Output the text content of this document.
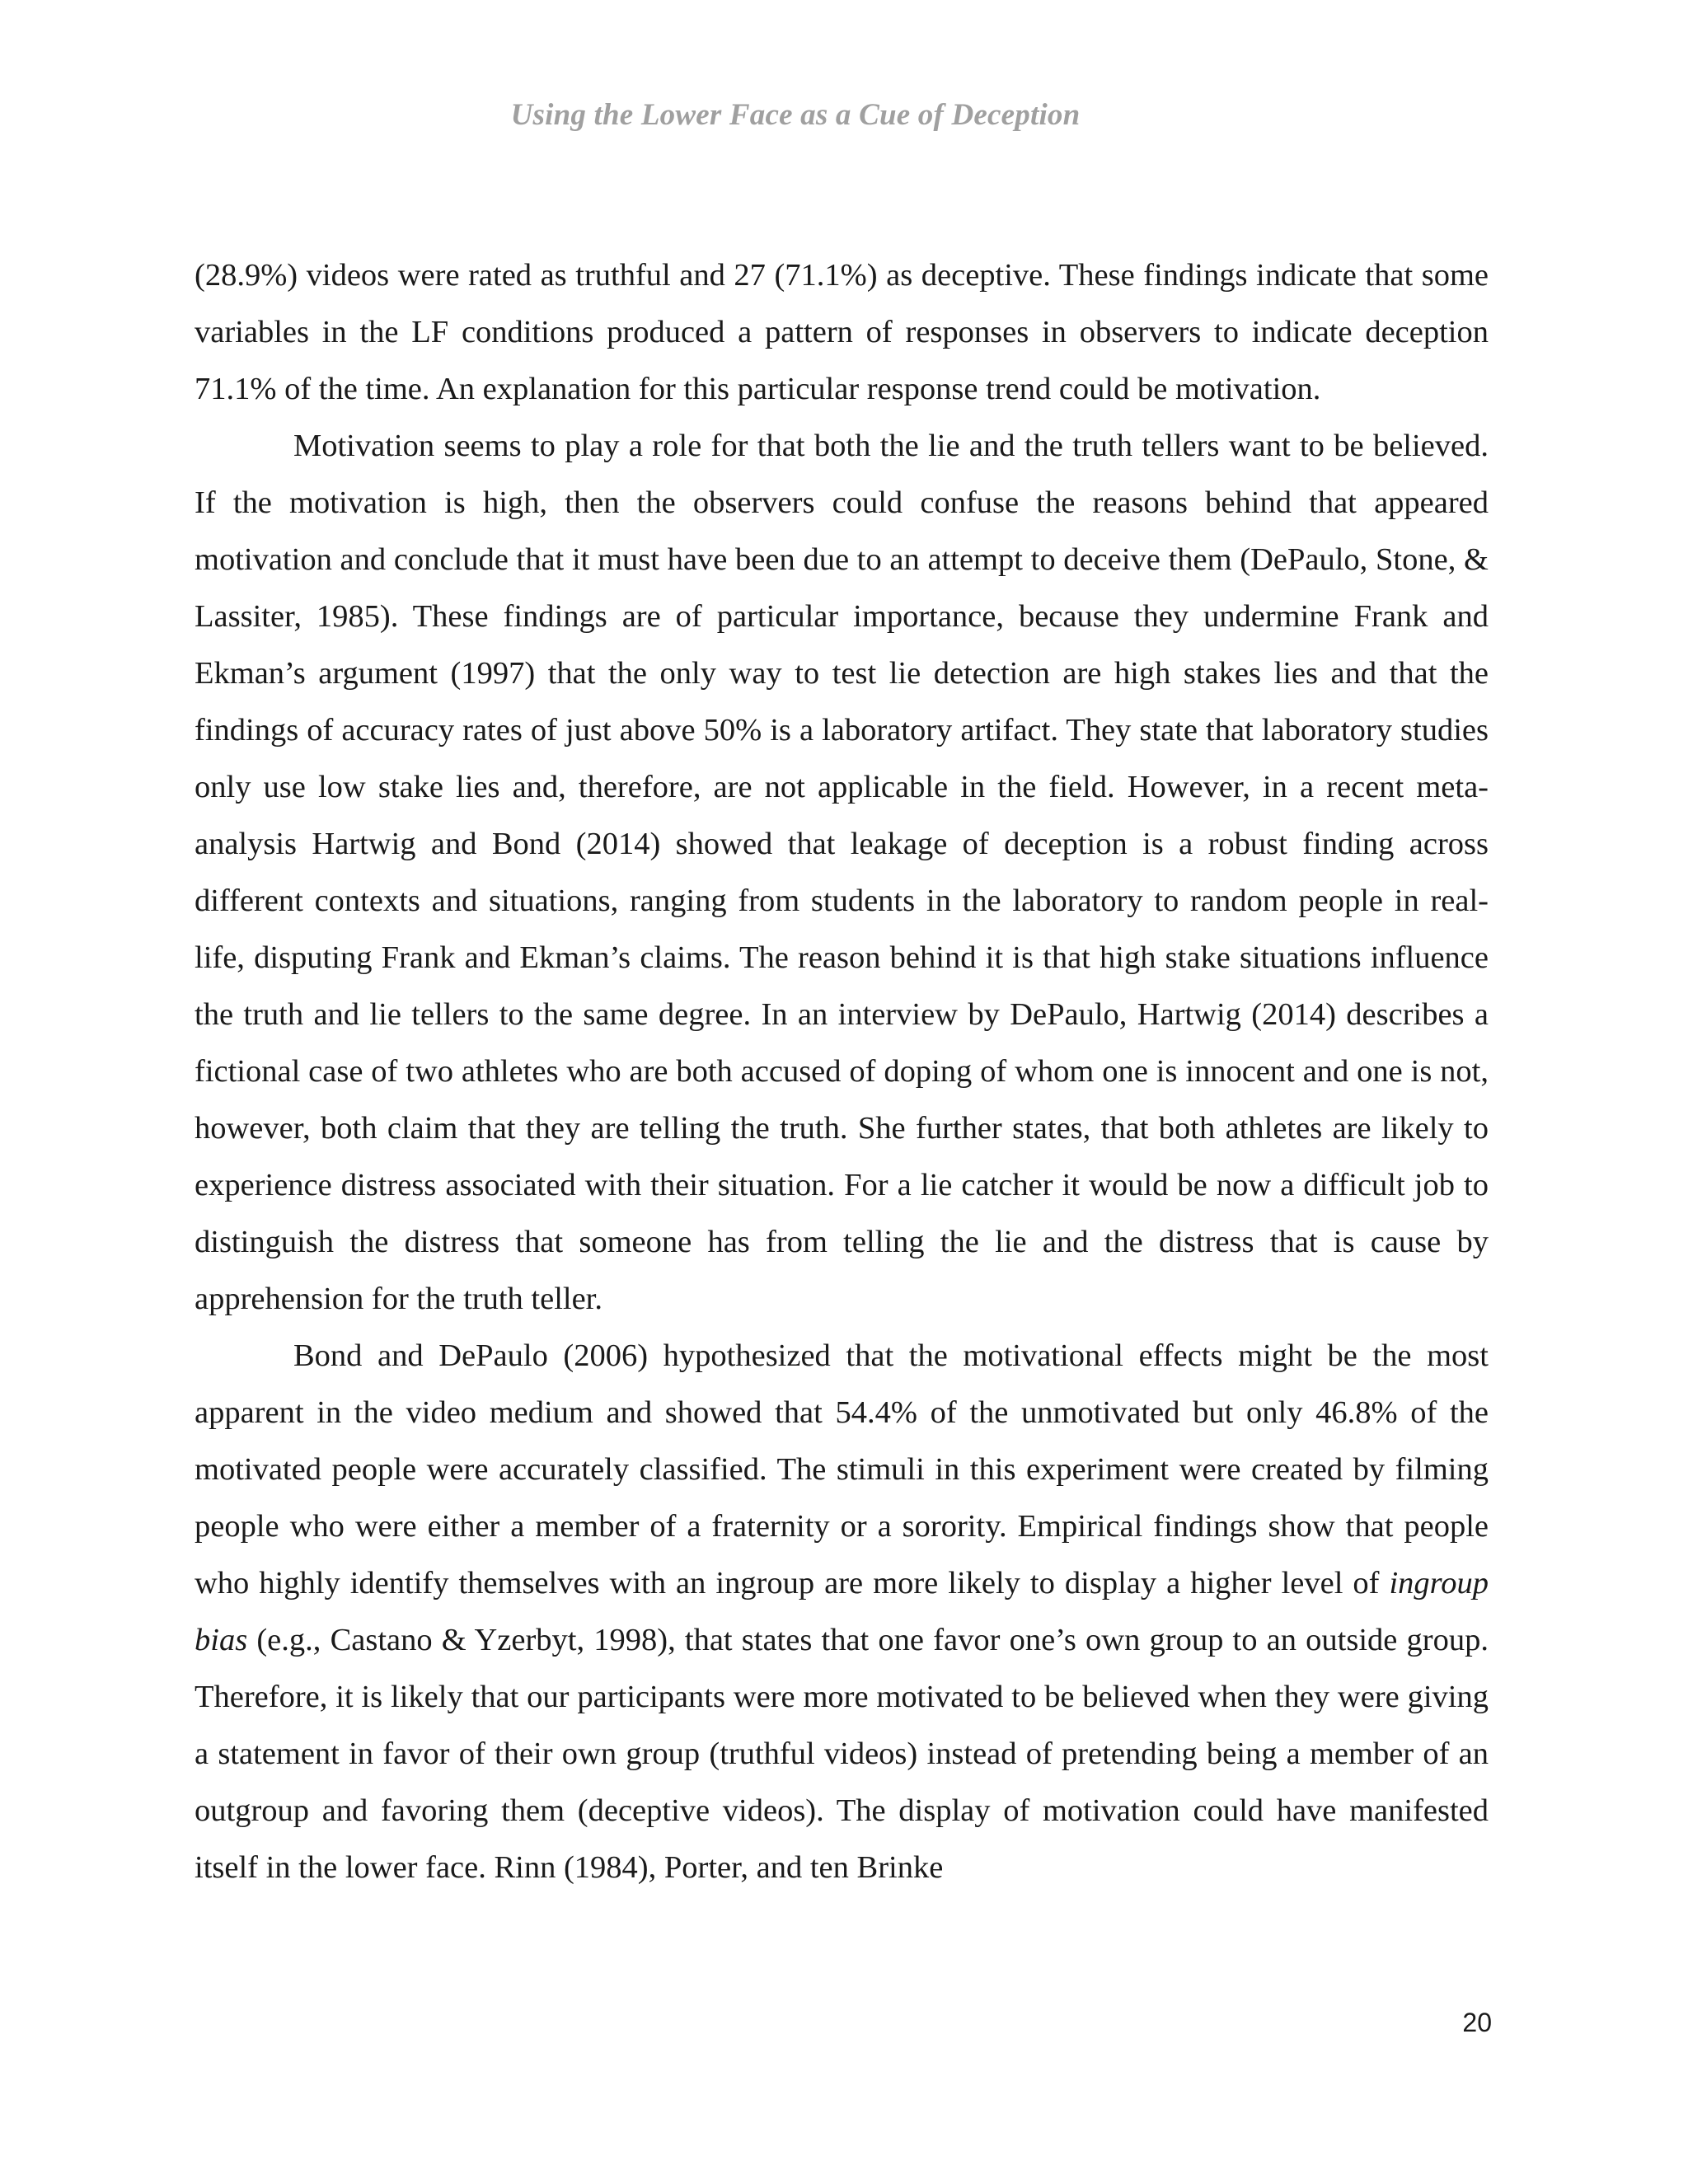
Using the Lower Face as a Cue of Deception

(28.9%) videos were rated as truthful and 27 (71.1%) as deceptive. These findings indicate that some variables in the LF conditions produced a pattern of responses in observers to indicate deception 71.1% of the time. An explanation for this particular response trend could be motivation.

Motivation seems to play a role for that both the lie and the truth tellers want to be believed. If the motivation is high, then the observers could confuse the reasons behind that appeared motivation and conclude that it must have been due to an attempt to deceive them (DePaulo, Stone, & Lassiter, 1985). These findings are of particular importance, because they undermine Frank and Ekman’s argument (1997) that the only way to test lie detection are high stakes lies and that the findings of accuracy rates of just above 50% is a laboratory artifact. They state that laboratory studies only use low stake lies and, therefore, are not applicable in the field. However, in a recent meta- analysis Hartwig and Bond (2014) showed that leakage of deception is a robust finding across different contexts and situations, ranging from students in the laboratory to random people in real- life, disputing Frank and Ekman’s claims. The reason behind it is that high stake situations influence the truth and lie tellers to the same degree. In an interview by DePaulo, Hartwig (2014) describes a fictional case of two athletes who are both accused of doping of whom one is innocent and one is not, however, both claim that they are telling the truth. She further states, that both athletes are likely to experience distress associated with their situation. For a lie catcher it would be now a difficult job to distinguish the distress that someone has from telling the lie and the distress that is cause by apprehension for the truth teller.

Bond and DePaulo (2006) hypothesized that the motivational effects might be the most apparent in the video medium and showed that 54.4% of the unmotivated but only 46.8% of the motivated people were accurately classified. The stimuli in this experiment were created by filming people who were either a member of a fraternity or a sorority. Empirical findings show that people who highly identify themselves with an ingroup are more likely to display a higher level of ingroup bias (e.g., Castano & Yzerbyt, 1998), that states that one favor one’s own group to an outside group. Therefore, it is likely that our participants were more motivated to be believed when they were giving a statement in favor of their own group (truthful videos) instead of pretending being a member of an outgroup and favoring them (deceptive videos). The display of motivation could have manifested itself in the lower face. Rinn (1984), Porter, and ten Brinke

20
